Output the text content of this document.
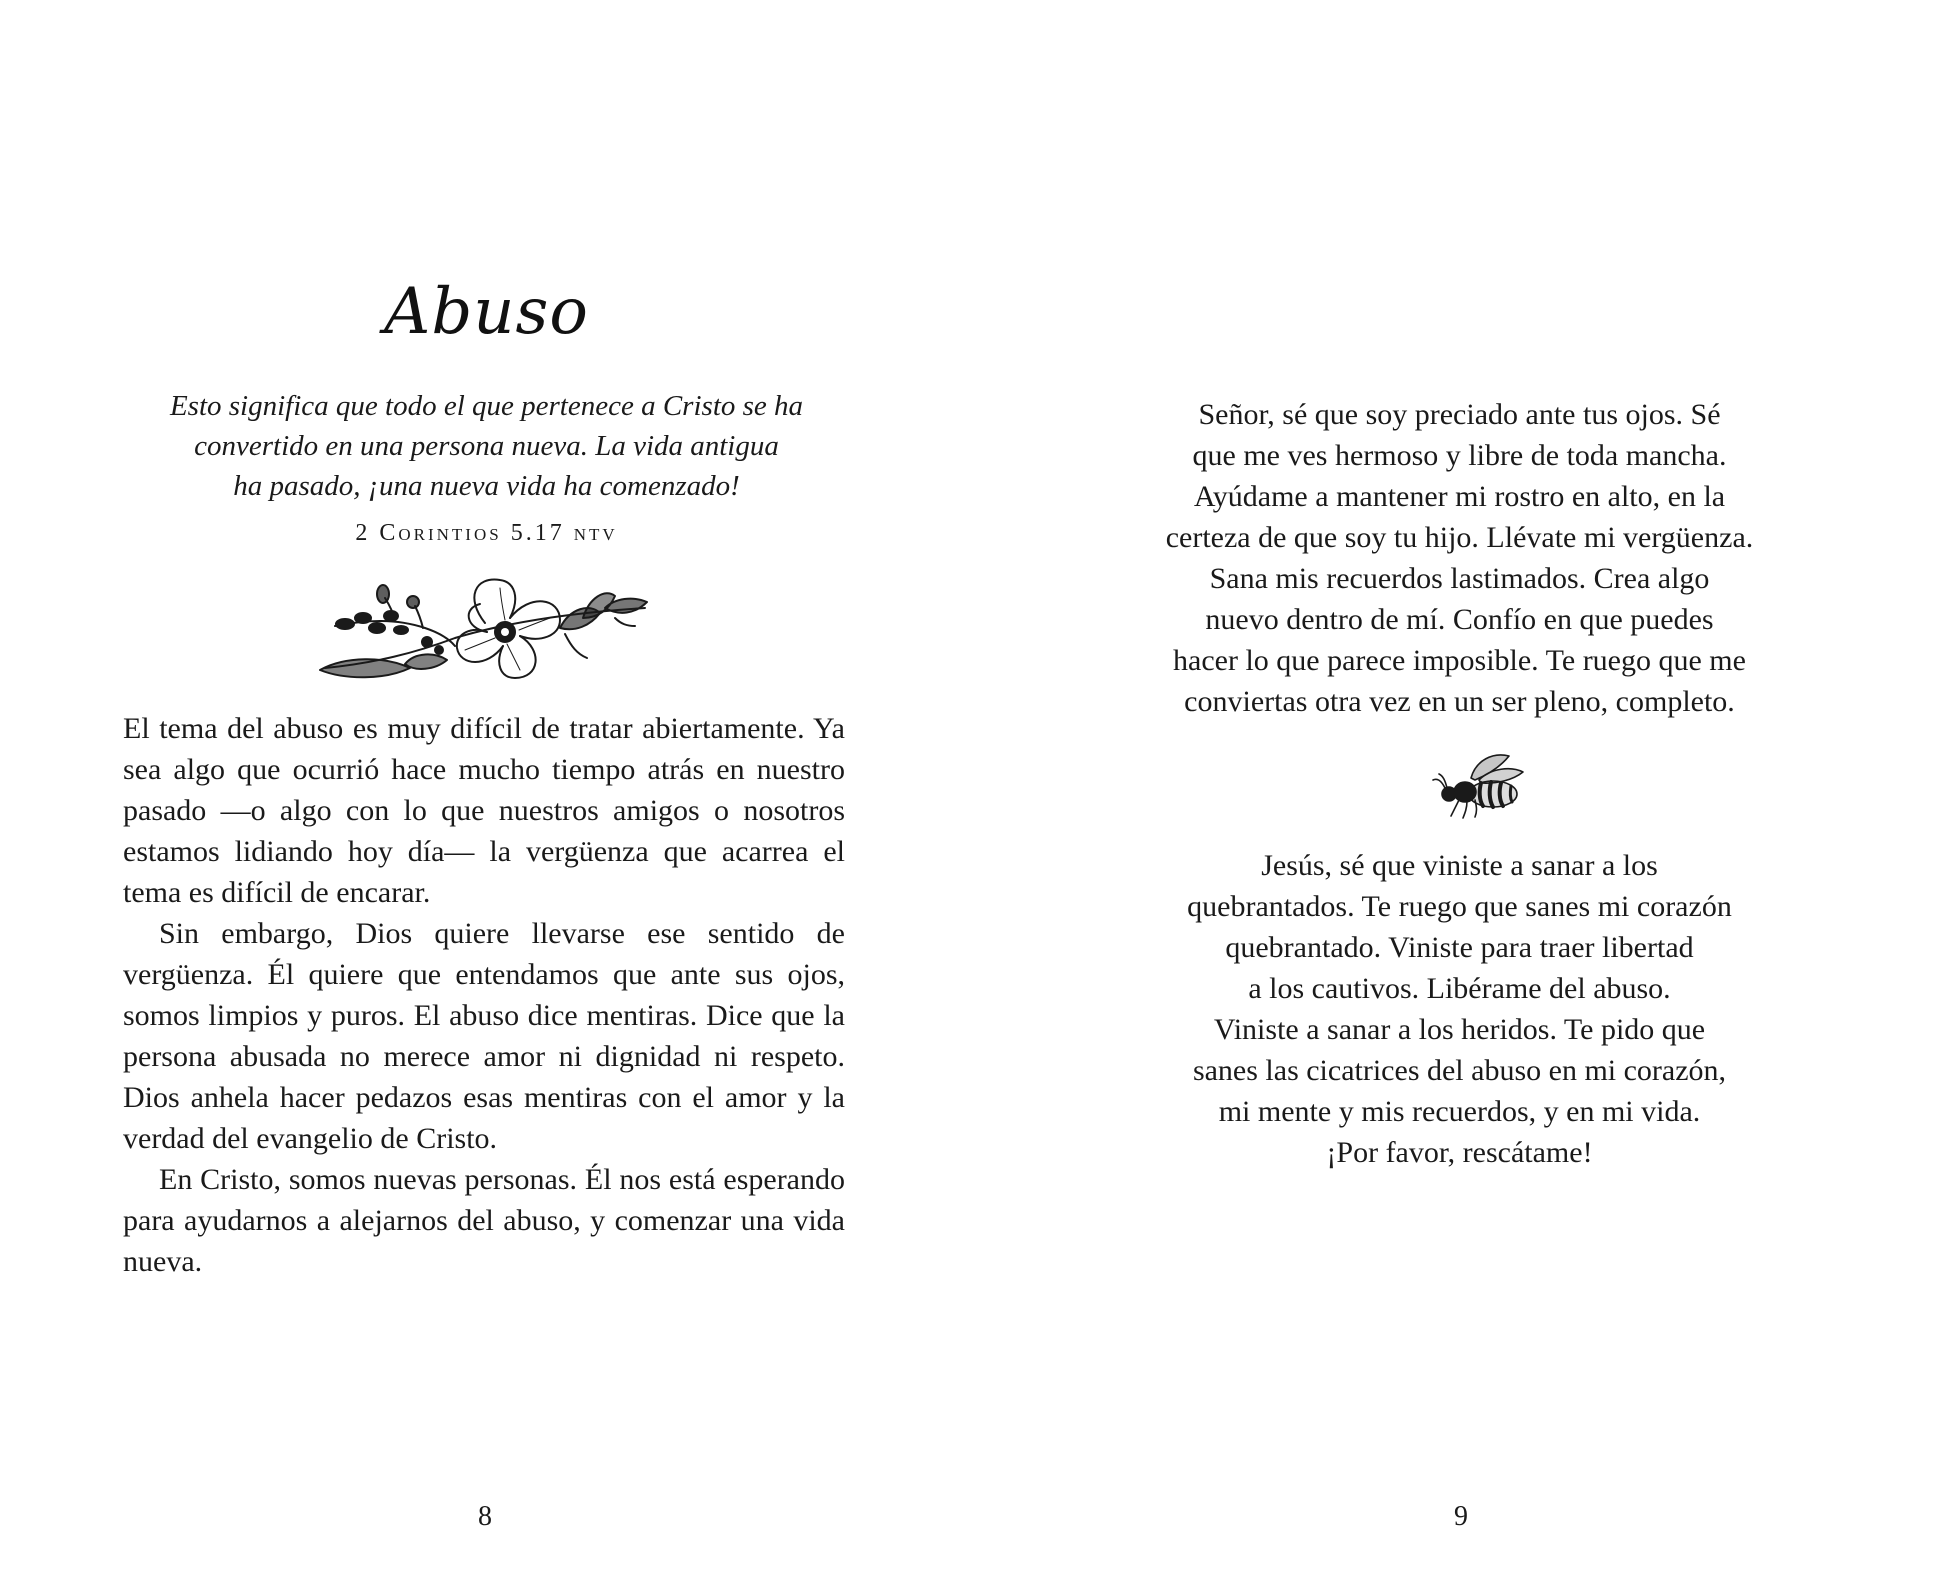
Abuso
Esto significa que todo el que pertenece a Cristo se ha
convertido en una persona nueva. La vida antigua
ha pasado, ¡una nueva vida ha comenzado!
2 Corintios 5.17 ntv

El tema del abuso es muy difícil de tratar abiertamente. Ya sea algo que ocurrió hace mucho tiempo atrás en nuestro pasado —o algo con lo que nuestros amigos o nosotros estamos lidiando hoy día— la vergüenza que acarrea el tema es difícil de encarar.

Sin embargo, Dios quiere llevarse ese sentido de vergüenza. Él quiere que entendamos que ante sus ojos, somos limpios y puros. El abuso dice mentiras. Dice que la persona abusada no merece amor ni dignidad ni respeto. Dios anhela hacer pedazos esas mentiras con el amor y la verdad del evangelio de Cristo.

En Cristo, somos nuevas personas. Él nos está esperando para ayudarnos a alejarnos del abuso, y comenzar una vida nueva.

8
Señor, sé que soy preciado ante tus ojos. Sé
que me ves hermoso y libre de toda mancha.
Ayúdame a mantener mi rostro en alto, en la
certeza de que soy tu hijo. Llévate mi vergüenza.
Sana mis recuerdos lastimados. Crea algo
nuevo dentro de mí. Confío en que puedes
hacer lo que parece imposible. Te ruego que me
conviertas otra vez en un ser pleno, completo.
Jesús, sé que viniste a sanar a los
quebrantados. Te ruego que sanes mi corazón
quebrantado. Viniste para traer libertad
a los cautivos. Libérame del abuso.
Viniste a sanar a los heridos. Te pido que
sanes las cicatrices del abuso en mi corazón,
mi mente y mis recuerdos, y en mi vida.
¡Por favor, rescátame!
9
